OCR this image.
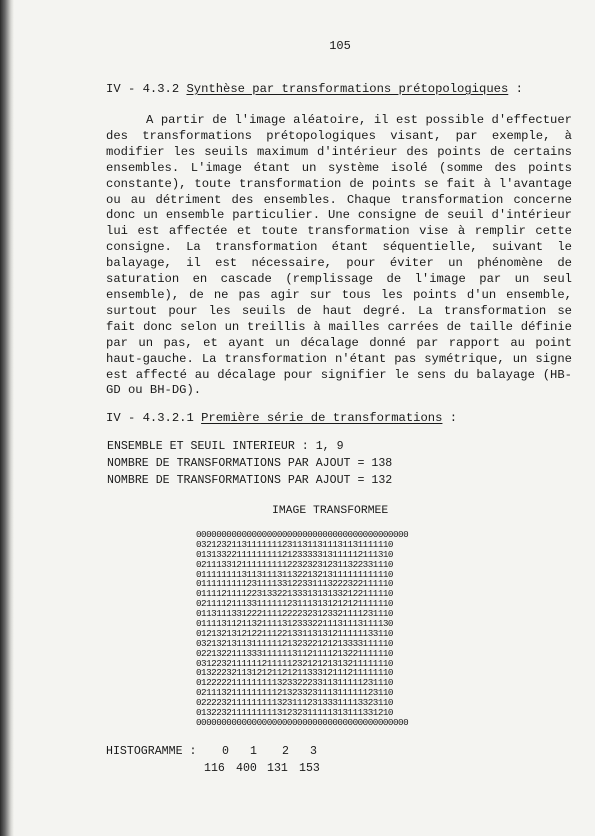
105
IV - 4.3.2 Synthèse par transformations prétopologiques :

A partir de l'image aléatoire, il est possible d'effectuer des transformations prétopologiques visant, par exemple, à modifier les seuils maximum d'intérieur des points de certains ensembles. L'image étant un système isolé (somme des points constante), toute transformation de points se fait à l'avantage ou au détriment des ensembles. Chaque transformation concerne donc un ensemble particulier. Une consigne de seuil d'intérieur lui est affectée et toute transformation vise à remplir cette consigne. La transformation étant séquentielle, suivant le balayage, il est nécessaire, pour éviter un phénomène de saturation en cascade (remplissage de l'image par un seul ensemble), de ne pas agir sur tous les points d'un ensemble, surtout pour les seuils de haut degré. La transformation se fait donc selon un treillis à mailles carrées de taille définie par un pas, et ayant un décalage donné par rapport au point haut-gauche. La transformation n'étant pas symétrique, un signe est affecté au décalage pour signifier le sens du balayage (HB-GD ou BH-DG).

IV - 4.3.2.1 Première série de transformations :
ENSEMBLE ET SEUIL INTERIEUR : 1, 9
NOMBRE DE TRANSFORMATIONS PAR AJOUT = 138
NOMBRE DE TRANSFORMATIONS PAR AJOUT = 132
IMAGE TRANSFORMEE
000000000000000000000000000000000000000000
032123211311111112311311311131131111110
013133221111111112123333313111112111310
021113312111111111223232312311322331110
011111111311311131132213213111111111110
011111111123111133122331113222322111110
011112111122313322133313131332122111110
021111211133111111231113131212121111110
011311133122211112222323123321111231110
011113112113211113123332211131113111130
012132131212211122133113131211111133110
032132131131111112132322121213333111110
022132211133311111131121111213221111110
031223211111121111123212121313211111110
013222321131212112121133312111211111110
012222211111111132332223311311111231110
021113211111111121323323111311111123110
022223211111111132311123133311113323110
013223211111111131232311111313111331210
000000000000000000000000000000000000000000
HISTOGRAMME :

0

1

2

3

116

400

131

153
